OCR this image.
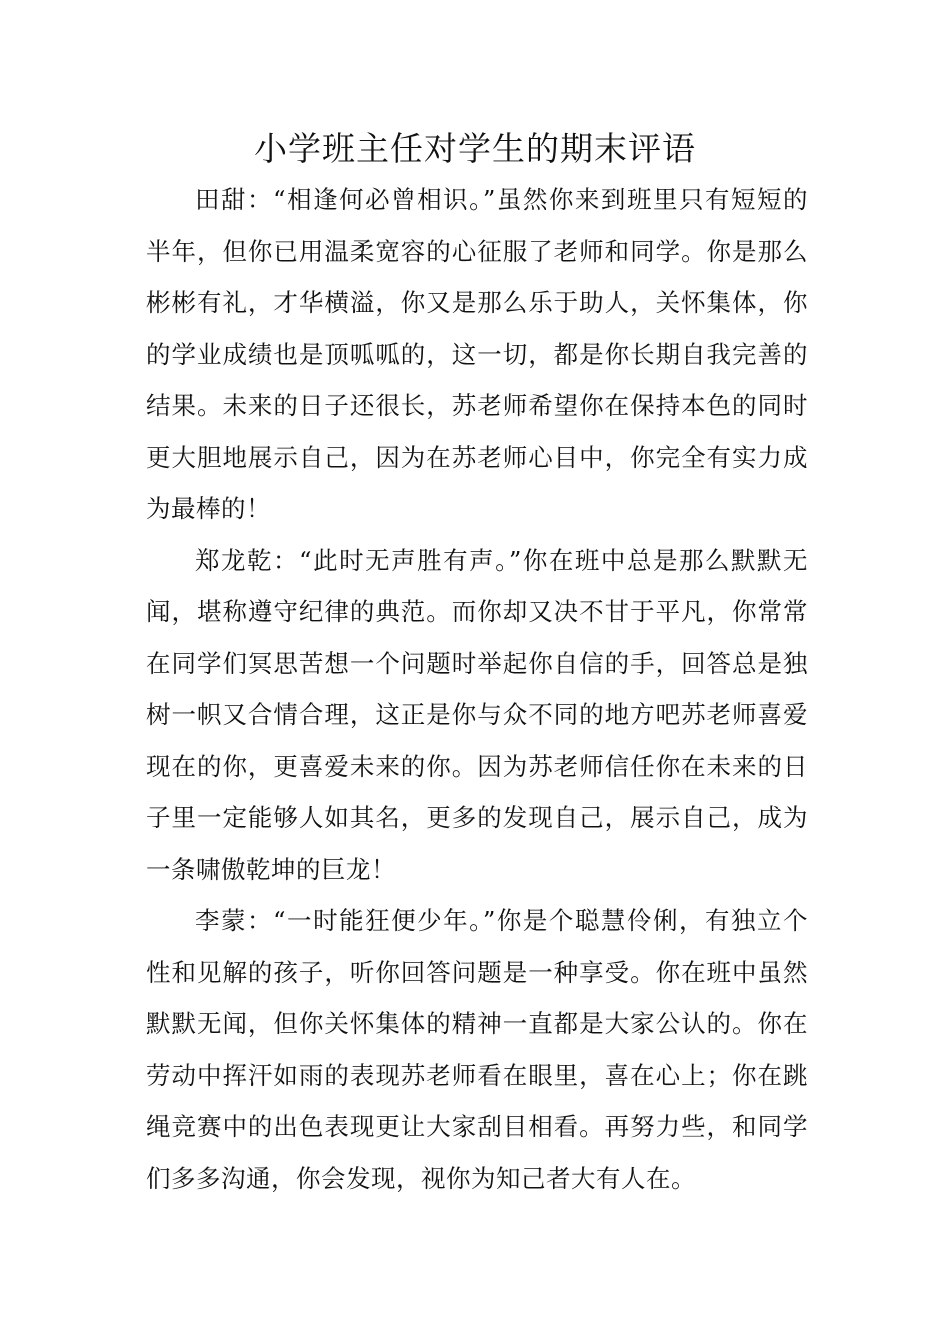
小学班主任对学生的期末评语

田甜：“相逢何必曾相识。”虽然你来到班里只有短短的半年，但你已用温柔宽容的心征服了老师和同学。你是那么彬彬有礼，才华横溢，你又是那么乐于助人，关怀集体，你的学业成绩也是顶呱呱的，这一切，都是你长期自我完善的结果。未来的日子还很长，苏老师希望你在保持本色的同时更大胆地展示自己，因为在苏老师心目中，你完全有实力成为最棒的！

郑龙乾：“此时无声胜有声。”你在班中总是那么默默无闻，堪称遵守纪律的典范。而你却又决不甘于平凡，你常常在同学们冥思苦想一个问题时举起你自信的手，回答总是独树一帜又合情合理，这正是你与众不同的地方吧苏老师喜爱现在的你，更喜爱未来的你。因为苏老师信任你在未来的日子里一定能够人如其名，更多的发现自己，展示自己，成为一条啸傲乾坤的巨龙！

李蒙：“一时能狂便少年。”你是个聪慧伶俐，有独立个性和见解的孩子，听你回答问题是一种享受。你在班中虽然默默无闻，但你关怀集体的精神一直都是大家公认的。你在劳动中挥汗如雨的表现苏老师看在眼里，喜在心上；你在跳绳竞赛中的出色表现更让大家刮目相看。再努力些，和同学们多多沟通，你会发现，视你为知己者大有人在。
